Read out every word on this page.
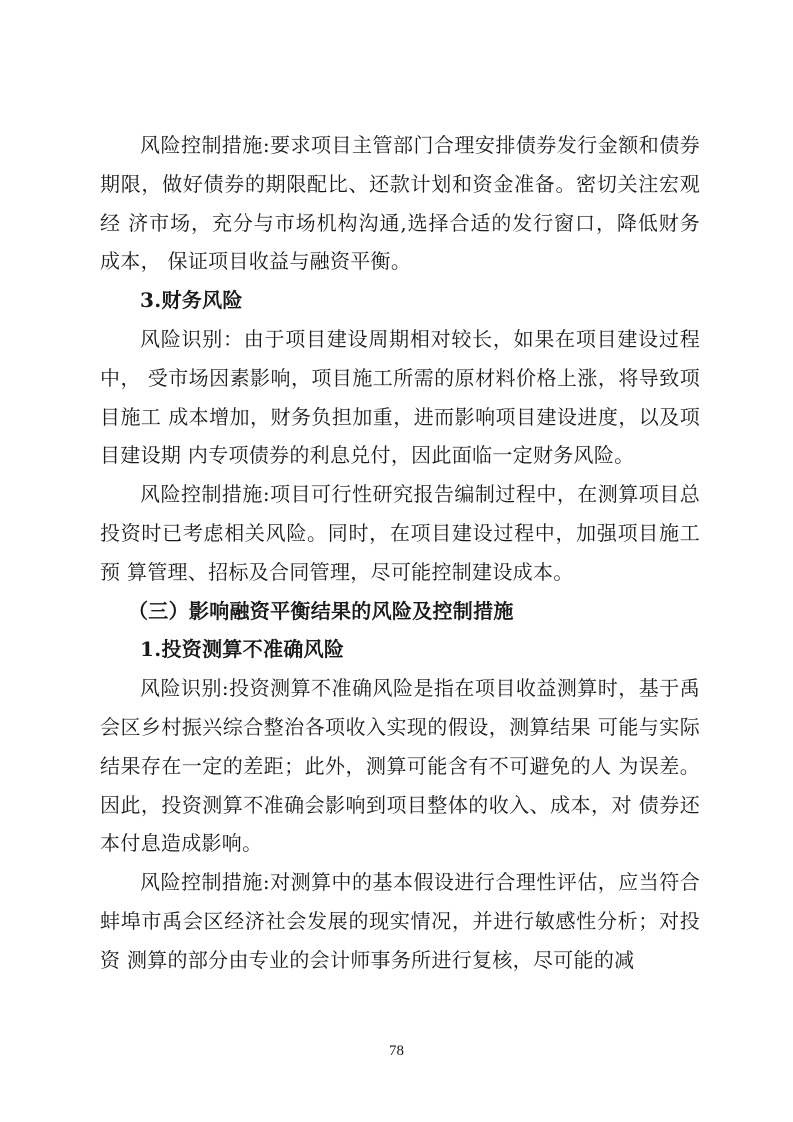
风险控制措施:要求项目主管部门合理安排债券发行金额和债券 期限，做好债券的期限配比、还款计划和资金准备。密切关注宏观经 济市场，充分与市场机构沟通,选择合适的发行窗口，降低财务成本， 保证项目收益与融资平衡。

3.财务风险

风险识别：由于项目建设周期相对较长，如果在项目建设过程中， 受市场因素影响，项目施工所需的原材料价格上涨，将导致项目施工 成本增加，财务负担加重，进而影响项目建设进度，以及项目建设期 内专项债券的利息兑付，因此面临一定财务风险。

风险控制措施:项目可行性研究报告编制过程中，在测算项目总 投资时已考虑相关风险。同时，在项目建设过程中，加强项目施工预 算管理、招标及合同管理，尽可能控制建设成本。

（三）影响融资平衡结果的风险及控制措施

1.投资测算不准确风险

风险识别:投资测算不准确风险是指在项目收益测算时，基于禹会区乡村振兴综合整治各项收入实现的假设，测算结果 可能与实际结果存在一定的差距；此外，测算可能含有不可避免的人 为误差。因此，投资测算不准确会影响到项目整体的收入、成本，对 债券还本付息造成影响。

风险控制措施:对测算中的基本假设进行合理性评估，应当符合 蚌埠市禹会区经济社会发展的现实情况，并进行敏感性分析；对投资 测算的部分由专业的会计师事务所进行复核，尽可能的减

78
